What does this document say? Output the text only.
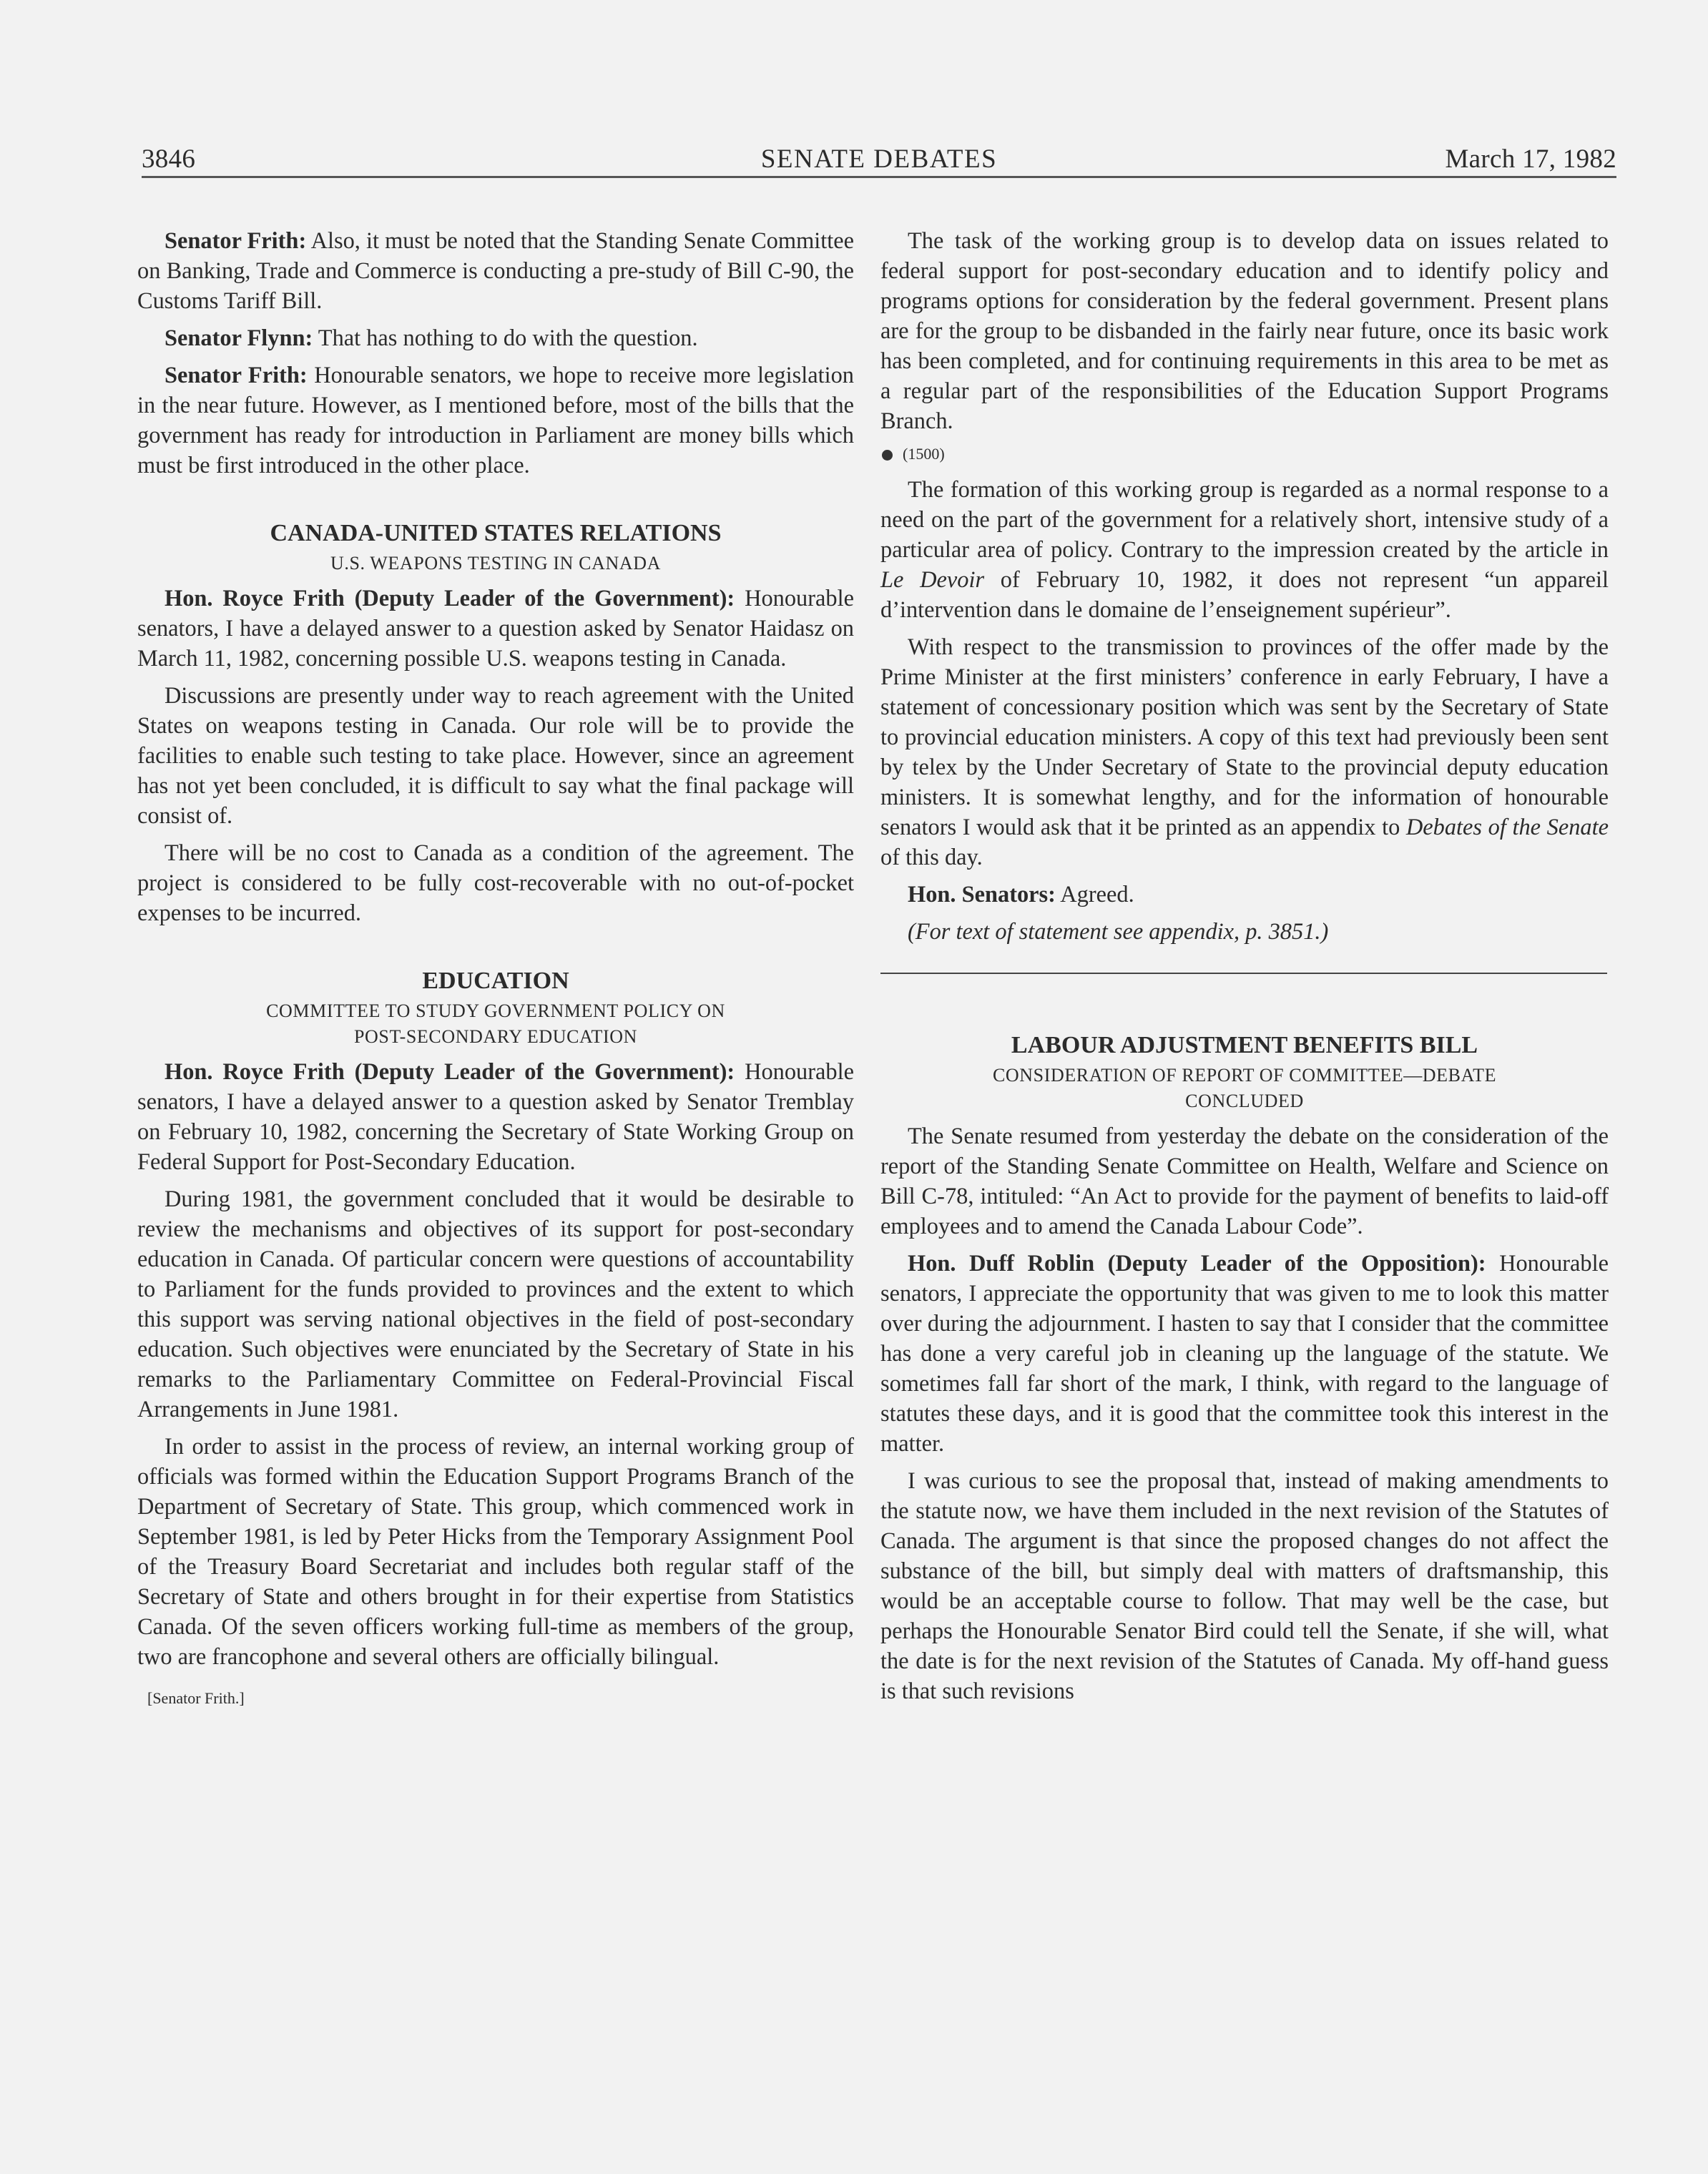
3846	SENATE DEBATES	March 17, 1982

Senator Frith: Also, it must be noted that the Standing Senate Committee on Banking, Trade and Commerce is conducting a pre-study of Bill C-90, the Customs Tariff Bill.

Senator Flynn: That has nothing to do with the question.

Senator Frith: Honourable senators, we hope to receive more legislation in the near future. However, as I mentioned before, most of the bills that the government has ready for introduction in Parliament are money bills which must be first introduced in the other place.

CANADA-UNITED STATES RELATIONS
U.S. WEAPONS TESTING IN CANADA

Hon. Royce Frith (Deputy Leader of the Government): Honourable senators, I have a delayed answer to a question asked by Senator Haidasz on March 11, 1982, concerning possible U.S. weapons testing in Canada.

Discussions are presently under way to reach agreement with the United States on weapons testing in Canada. Our role will be to provide the facilities to enable such testing to take place. However, since an agreement has not yet been concluded, it is difficult to say what the final package will consist of.

There will be no cost to Canada as a condition of the agreement. The project is considered to be fully cost-recoverable with no out-of-pocket expenses to be incurred.

EDUCATION
COMMITTEE TO STUDY GOVERNMENT POLICY ON
POST-SECONDARY EDUCATION

Hon. Royce Frith (Deputy Leader of the Government): Honourable senators, I have a delayed answer to a question asked by Senator Tremblay on February 10, 1982, concerning the Secretary of State Working Group on Federal Support for Post-Secondary Education.

During 1981, the government concluded that it would be desirable to review the mechanisms and objectives of its support for post-secondary education in Canada. Of particular concern were questions of accountability to Parliament for the funds provided to provinces and the extent to which this support was serving national objectives in the field of post-secondary education. Such objectives were enunciated by the Secretary of State in his remarks to the Parliamentary Committee on Federal-Provincial Fiscal Arrangements in June 1981.

In order to assist in the process of review, an internal working group of officials was formed within the Education Support Programs Branch of the Department of Secretary of State. This group, which commenced work in September 1981, is led by Peter Hicks from the Temporary Assignment Pool of the Treasury Board Secretariat and includes both regular staff of the Secretary of State and others brought in for their expertise from Statistics Canada. Of the seven officers working full-time as members of the group, two are francophone and several others are officially bilingual.

[Senator Frith.]

The task of the working group is to develop data on issues related to federal support for post-secondary education and to identify policy and programs options for consideration by the federal government. Present plans are for the group to be disbanded in the fairly near future, once its basic work has been completed, and for continuing requirements in this area to be met as a regular part of the responsibilities of the Education Support Programs Branch.

(1500)

The formation of this working group is regarded as a normal response to a need on the part of the government for a relatively short, intensive study of a particular area of policy. Contrary to the impression created by the article in Le Devoir of February 10, 1982, it does not represent “un appareil d’intervention dans le domaine de l’enseignement supérieur”.

With respect to the transmission to provinces of the offer made by the Prime Minister at the first ministers’ conference in early February, I have a statement of concessionary position which was sent by the Secretary of State to provincial education ministers. A copy of this text had previously been sent by telex by the Under Secretary of State to the provincial deputy education ministers. It is somewhat lengthy, and for the information of honourable senators I would ask that it be printed as an appendix to Debates of the Senate of this day.

Hon. Senators: Agreed.

(For text of statement see appendix, p. 3851.)

LABOUR ADJUSTMENT BENEFITS BILL
CONSIDERATION OF REPORT OF COMMITTEE—DEBATE
CONCLUDED

The Senate resumed from yesterday the debate on the consideration of the report of the Standing Senate Committee on Health, Welfare and Science on Bill C-78, intituled: “An Act to provide for the payment of benefits to laid-off employees and to amend the Canada Labour Code”.

Hon. Duff Roblin (Deputy Leader of the Opposition): Honourable senators, I appreciate the opportunity that was given to me to look this matter over during the adjournment. I hasten to say that I consider that the committee has done a very careful job in cleaning up the language of the statute. We sometimes fall far short of the mark, I think, with regard to the language of statutes these days, and it is good that the committee took this interest in the matter.

I was curious to see the proposal that, instead of making amendments to the statute now, we have them included in the next revision of the Statutes of Canada. The argument is that since the proposed changes do not affect the substance of the bill, but simply deal with matters of draftsmanship, this would be an acceptable course to follow. That may well be the case, but perhaps the Honourable Senator Bird could tell the Senate, if she will, what the date is for the next revision of the Statutes of Canada. My off-hand guess is that such revisions
